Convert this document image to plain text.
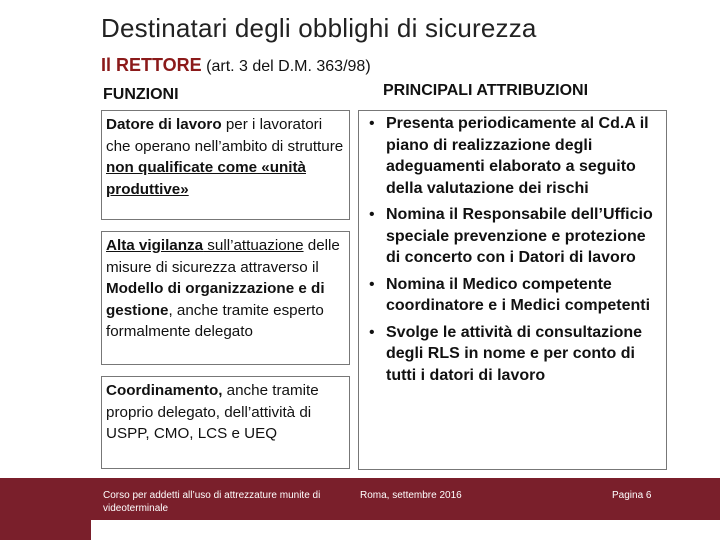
Destinatari degli obblighi di sicurezza
Il RETTORE (art. 3 del D.M. 363/98)
FUNZIONI	PRINCIPALI ATTRIBUZIONI
Datore di lavoro per i lavoratori che operano nell’ambito di strutture non qualificate come «unità produttive»
Alta vigilanza sull’attuazione delle misure di sicurezza attraverso il Modello di organizzazione e di gestione, anche tramite esperto formalmente delegato
Coordinamento, anche tramite proprio delegato, dell’attività di USPP, CMO, LCS e UEQ
• Presenta periodicamente al Cd.A il piano di realizzazione degli adeguamenti elaborato a seguito della valutazione dei rischi
• Nomina il Responsabile dell’Ufficio speciale prevenzione e protezione di concerto con i Datori di lavoro
• Nomina il Medico competente coordinatore e i Medici competenti
• Svolge le attività di consultazione degli RLS in nome e per conto di tutti i datori di lavoro
Corso per addetti all’uso di attrezzature munite di videoterminale
Roma, settembre 2016	Pagina 6
